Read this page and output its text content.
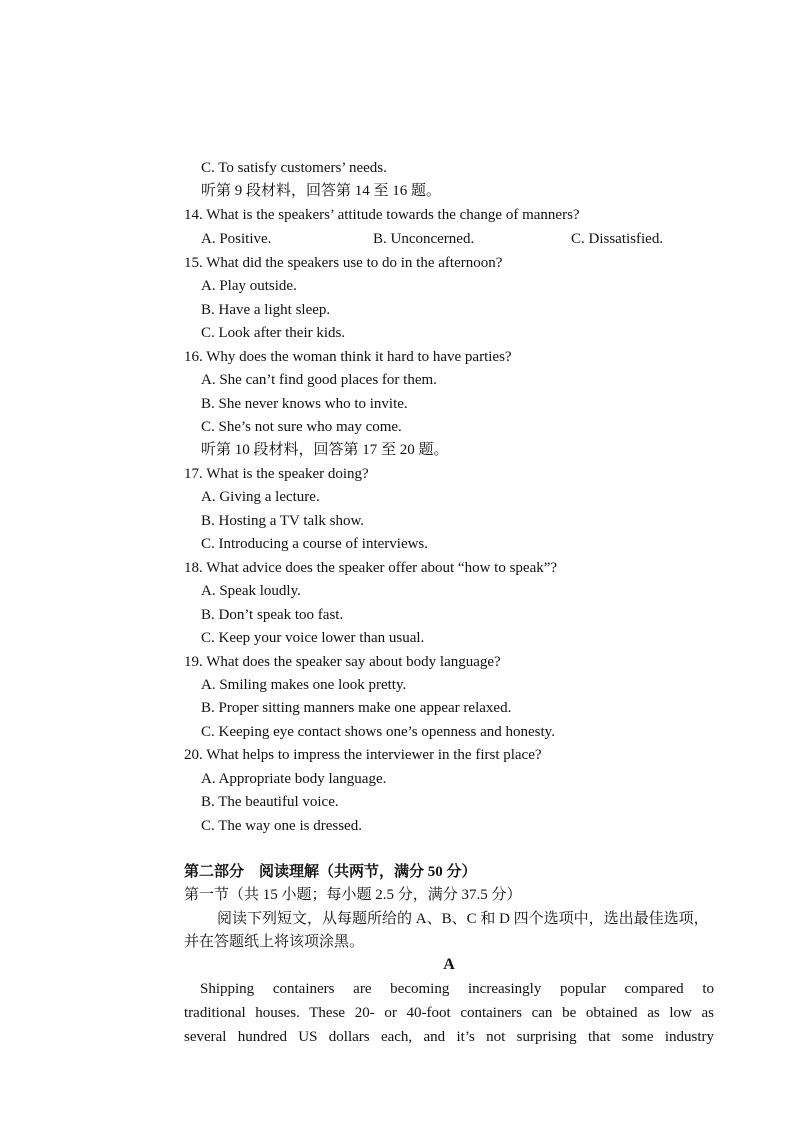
C. To satisfy customers’ needs.
听第 9 段材料，回答第 14 至 16 题。
14. What is the speakers’ attitude towards the change of manners?
A. Positive.	B. Unconcerned.	C. Dissatisfied.
15. What did the speakers use to do in the afternoon?
A. Play outside.
B. Have a light sleep.
C. Look after their kids.
16. Why does the woman think it hard to have parties?
A. She can’t find good places for them.
B. She never knows who to invite.
C. She’s not sure who may come.
听第 10 段材料，回答第 17 至 20 题。
17. What is the speaker doing?
A. Giving a lecture.
B. Hosting a TV talk show.
C. Introducing a course of interviews.
18. What advice does the speaker offer about “how to speak”?
A. Speak loudly.
B. Don’t speak too fast.
C. Keep your voice lower than usual.
19. What does the speaker say about body language?
A. Smiling makes one look pretty.
B. Proper sitting manners make one appear relaxed.
C. Keeping eye contact shows one’s openness and honesty.
20. What helps to impress the interviewer in the first place?
A. Appropriate body language.
B. The beautiful voice.
C. The way one is dressed.
第二部分　阅读理解（共两节，满分 50 分）
第一节（共 15 小题；每小题 2.5 分，满分 37.5 分）
阅读下列短文，从每题所给的 A、B、C 和 D 四个选项中，选出最佳选项，
并在答题纸上将该项涂黑。
A
Shipping containers are becoming increasingly popular compared to
traditional houses. These 20- or 40-foot containers can be obtained as low as
several hundred US dollars each, and it’s not surprising that some industry
